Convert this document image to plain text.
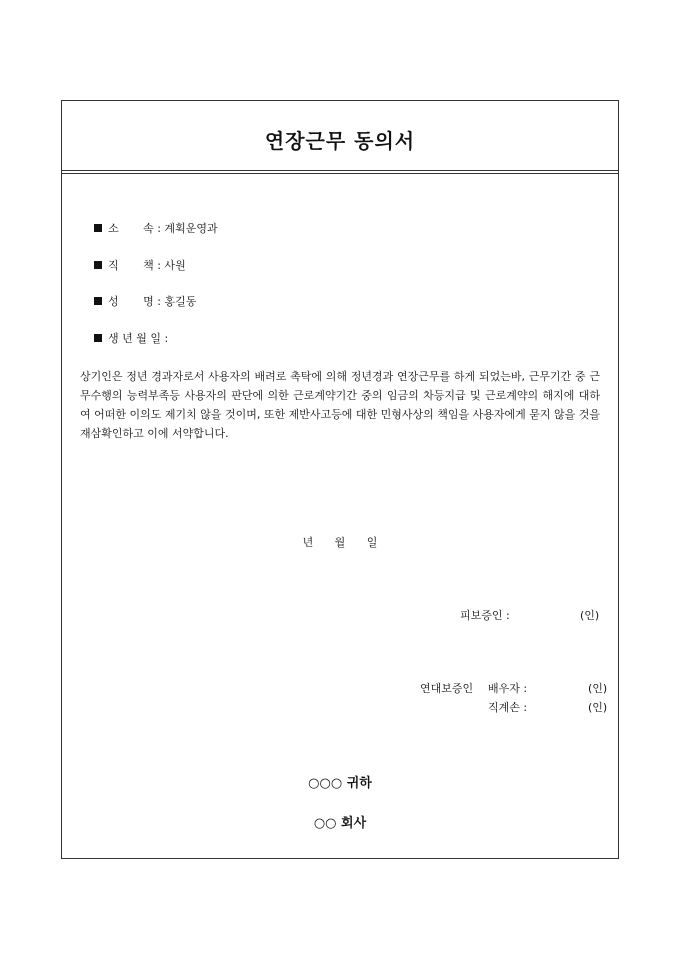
연장근무 동의서

소       속 : 계획운영과

직       책 : 사원

성       명 : 홍길동

생 년 월 일 :

상기인은 정년 경과자로서 사용자의 배려로 촉탁에 의해 정년경과 연장근무를 하게 되었는바, 근무기간 중 근무수행의 능력부족등 사용자의 판단에 의한 근로계약기간 중의 임금의 차등지급 및 근로계약의 해지에 대하여 어떠한 이의도 제기치 않을 것이며, 또한 제반사고등에 대한 민형사상의 책임을 사용자에게 묻지 않을 것을 재삼확인하고 이에 서약합니다.
년 월 일
피보증인 :	(인)
연대보증인 배우자 :	(인)
직계손 :	(인)
○○○ 귀하
○○ 회사
